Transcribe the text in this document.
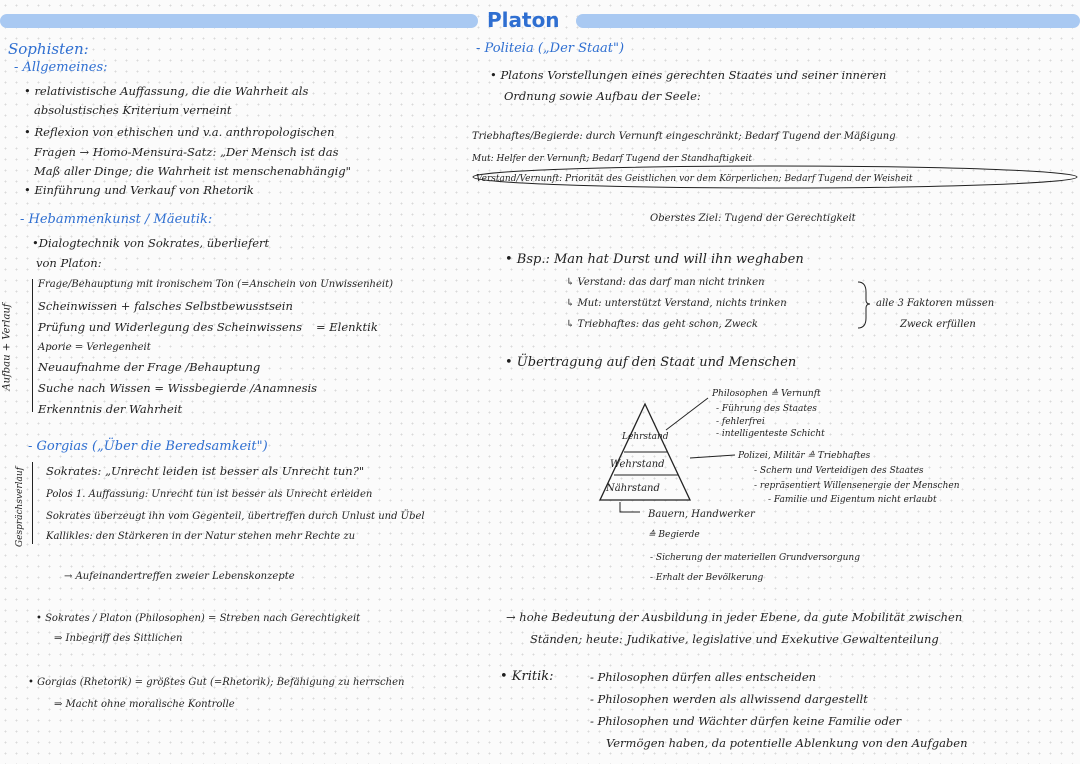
Platon
Sophisten:
- Allgemeines:
• relativistische Auffassung, die die Wahrheit als
absolustisches Kriterium verneint
• Reflexion von ethischen und v.a. anthropologischen
Fragen → Homo-Mensura-Satz: „Der Mensch ist das
Maß aller Dinge; die Wahrheit ist menschenabhängig"
• Einführung und Verkauf von Rhetorik
- Hebammenkunst / Mäeutik:
•Dialogtechnik von Sokrates, überliefert
von Platon:
Aufbau + Verlauf
Frage/Behauptung mit ironischem Ton (=Anschein von Unwissenheit)
Scheinwissen + falsches Selbstbewusstsein
Prüfung und Widerlegung des Scheinwissens = Elenktik
Aporie = Verlegenheit
Neuaufnahme der Frage /Behauptung
Suche nach Wissen = Wissbegierde /Anamnesis
Erkenntnis der Wahrheit
- Gorgias („Über die Beredsamkeit")
Gesprächsverlauf Sokrates: „Unrecht leiden ist besser als Unrecht tun?"
Polos 1. Auffassung: Unrecht tun ist besser als Unrecht erleiden
Sokrates überzeugt ihn vom Gegenteil, übertreffen durch Unlust und Übel
Kallikles: den Stärkeren in der Natur stehen mehr Rechte zu
→ Aufeinandertreffen zweier Lebenskonzepte
• Sokrates / Platon (Philosophen) = Streben nach Gerechtigkeit
⇒ Inbegriff des Sittlichen
• Gorgias (Rhetorik) = größtes Gut (=Rhetorik); Befähigung zu herrschen
⇒ Macht ohne moralische Kontrolle
- Politeia („Der Staat")
• Platons Vorstellungen eines gerechten Staates und seiner inneren
Ordnung sowie Aufbau der Seele:
Triebhaftes/Begierde: durch Vernunft eingeschränkt; Bedarf Tugend der Mäßigung
Mut: Helfer der Vernunft; Bedarf Tugend der Standhaftigkeit
Verstand/Vernunft: Priorität des Geistlichen vor dem Körperlichen; Bedarf Tugend der Weisheit
Oberstes Ziel: Tugend der Gerechtigkeit
• Bsp.: Man hat Durst und will ihn weghaben
↳ Verstand: das darf man nicht trinken
↳ Mut: unterstützt Verstand, nichts trinken
↳ Triebhaftes: das geht schon, Zweck
alle 3 Faktoren müssen
Zweck erfüllen
• Übertragung auf den Staat und Menschen
Lehrstand
Wehrstand
Nährstand
Philosophen ≙ Vernunft
- Führung des Staates
- fehlerfrei
- intelligenteste Schicht
Polizei, Militär ≙ Triebhaftes
- Schern und Verteidigen des Staates
- repräsentiert Willensenergie der Menschen
- Familie und Eigentum nicht erlaubt
Bauern, Handwerker
≙ Begierde
- Sicherung der materiellen Grundversorgung
- Erhalt der Bevölkerung
→ hohe Bedeutung der Ausbildung in jeder Ebene, da gute Mobilität zwischen
Ständen; heute: Judikative, legislative und Exekutive Gewaltenteilung
• Kritik:	- Philosophen dürfen alles entscheiden
- Philosophen werden als allwissend dargestellt
- Philosophen und Wächter dürfen keine Familie oder
Vermögen haben, da potentielle Ablenkung von den Aufgaben
